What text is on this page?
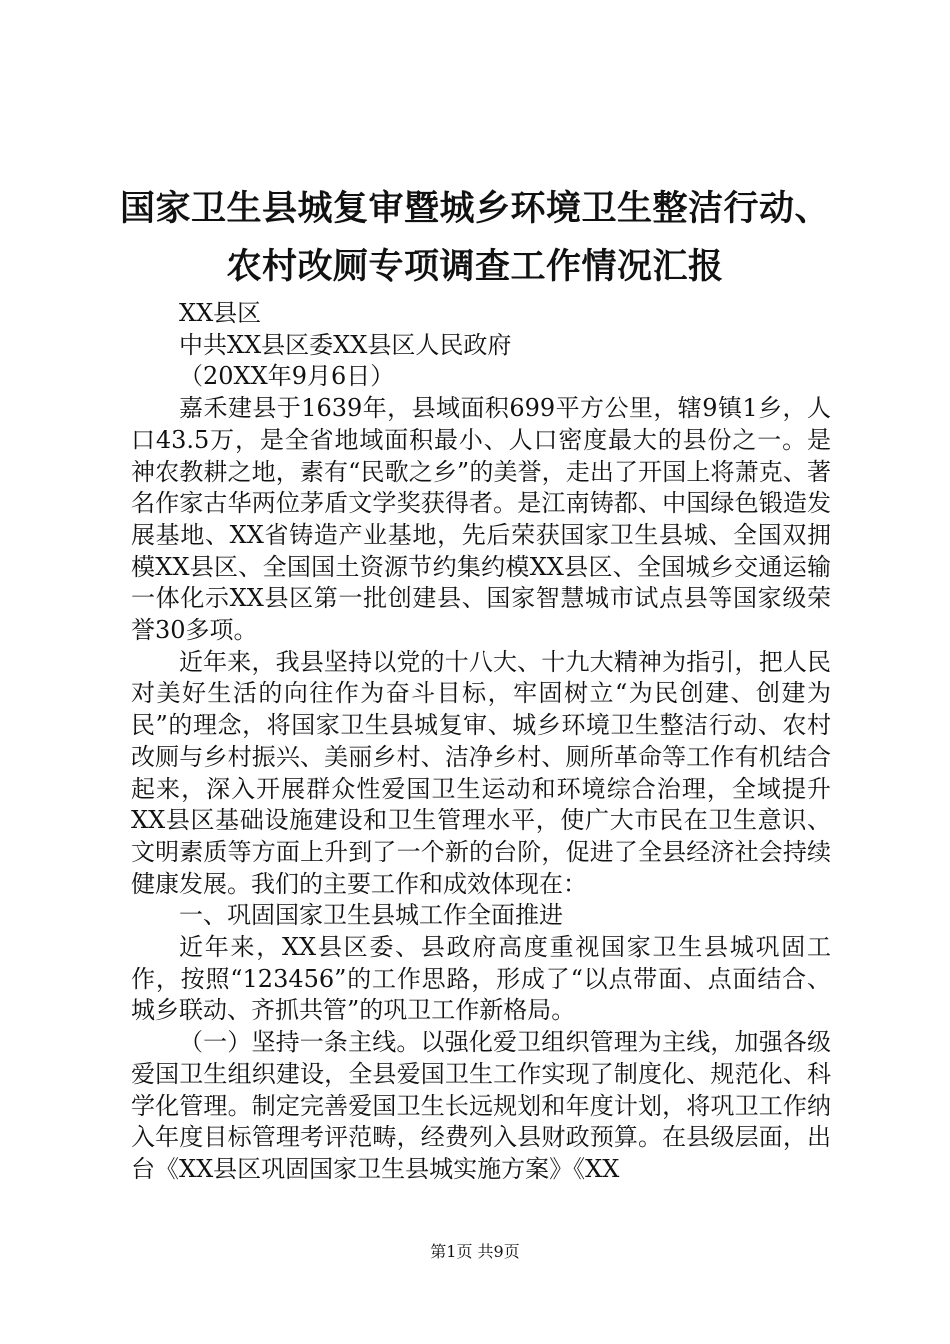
国家卫生县城复审暨城乡环境卫生整洁行动、
农村改厕专项调查工作情况汇报
XX县区
中共XX县区委XX县区人民政府
（20XX年9月6日）

嘉禾建县于1639年，县域面积699平方公里，辖9镇1乡，人口43.5万，是全省地域面积最小、人口密度最大的县份之一。是神农教耕之地，素有“民歌之乡”的美誉，走出了开国上将萧克、著名作家古华两位茅盾文学奖获得者。是江南铸都、中国绿色锻造发展基地、XX省铸造产业基地，先后荣获国家卫生县城、全国双拥模XX县区、全国国土资源节约集约模XX县区、全国城乡交通运输一体化示XX县区第一批创建县、国家智慧城市试点县等国家级荣誉30多项。

近年来，我县坚持以党的十八大、十九大精神为指引，把人民对美好生活的向往作为奋斗目标，牢固树立“为民创建、创建为民”的理念，将国家卫生县城复审、城乡环境卫生整洁行动、农村改厕与乡村振兴、美丽乡村、洁净乡村、厕所革命等工作有机结合起来，深入开展群众性爱国卫生运动和环境综合治理，全域提升XX县区基础设施建设和卫生管理水平，使广大市民在卫生意识、文明素质等方面上升到了一个新的台阶，促进了全县经济社会持续健康发展。我们的主要工作和成效体现在：

一、巩固国家卫生县城工作全面推进

近年来，XX县区委、县政府高度重视国家卫生县城巩固工作，按照“123456”的工作思路，形成了“以点带面、点面结合、城乡联动、齐抓共管”的巩卫工作新格局。

（一）坚持一条主线。以强化爱卫组织管理为主线，加强各级爱国卫生组织建设，全县爱国卫生工作实现了制度化、规范化、科学化管理。制定完善爱国卫生长远规划和年度计划，将巩卫工作纳入年度目标管理考评范畴，经费列入县财政预算。在县级层面，出台《XX县区巩固国家卫生县城实施方案》《XX

第1页 共9页
